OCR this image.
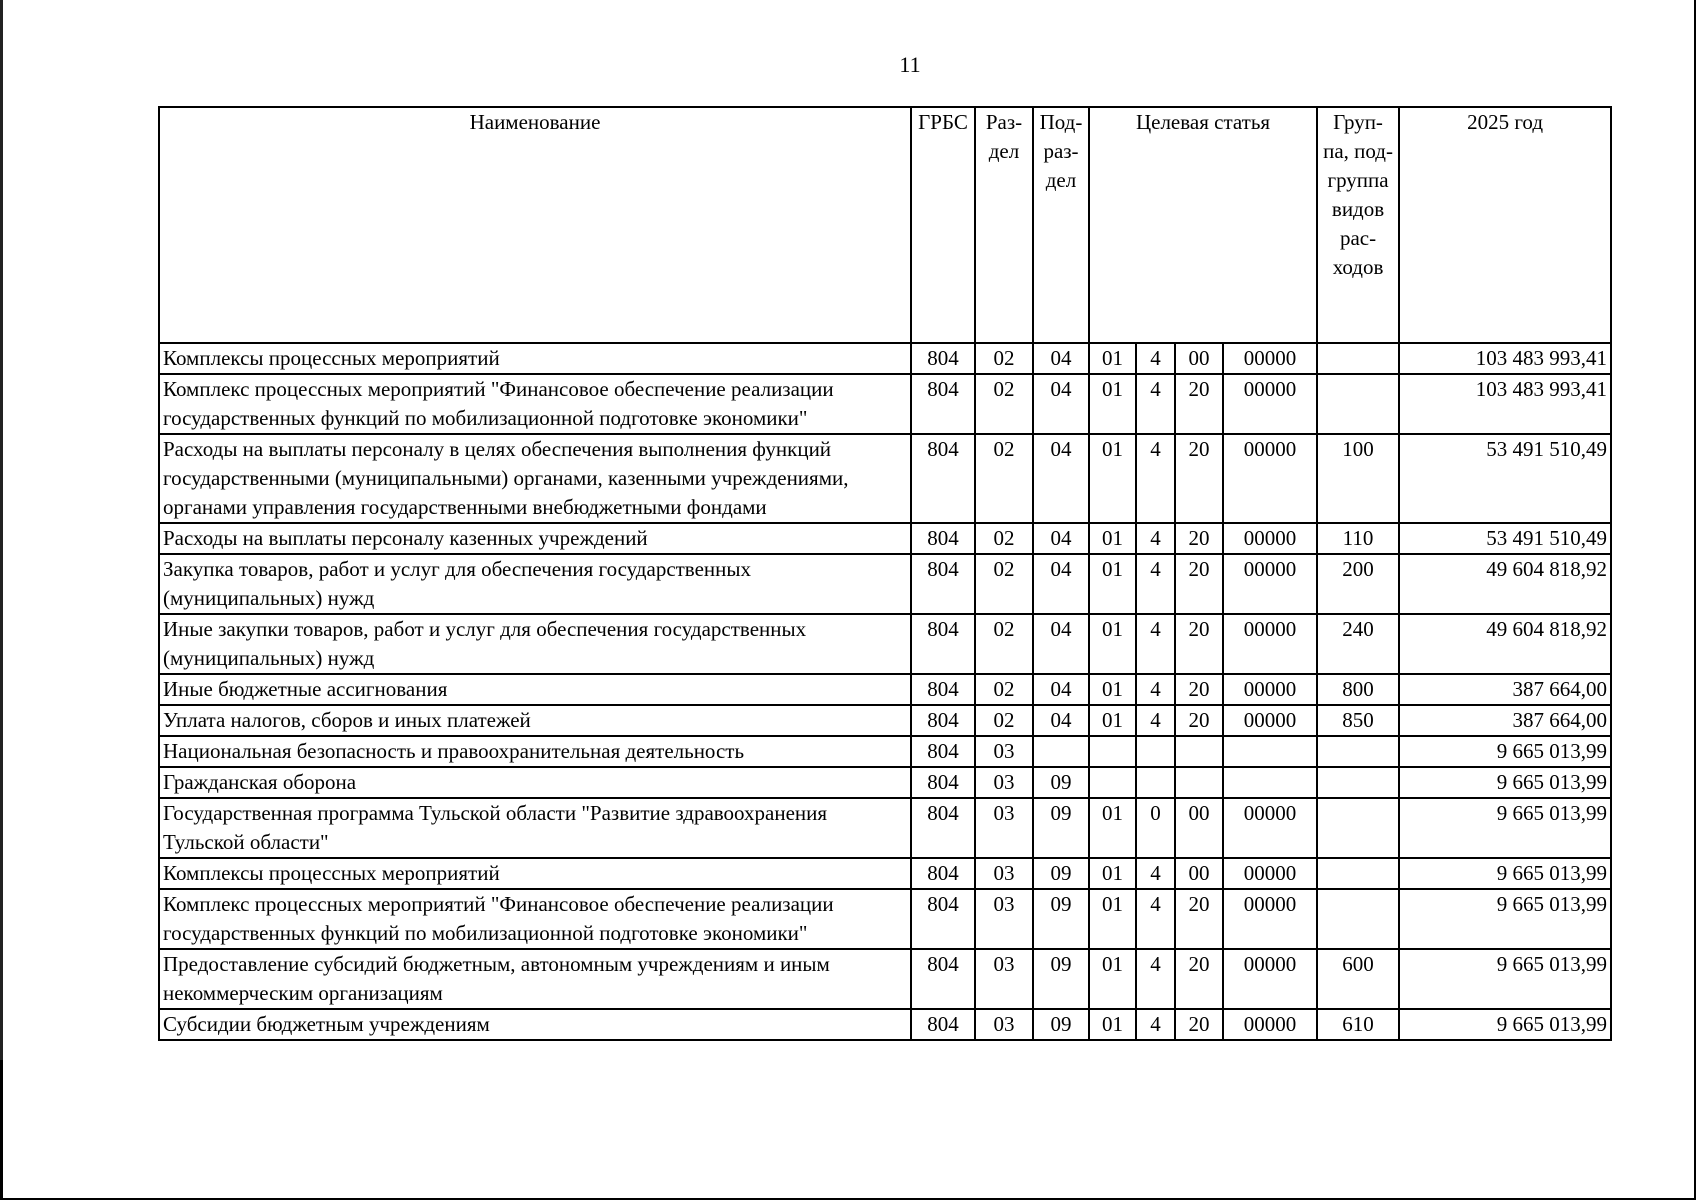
11
Наименование	ГРБС	Раз- дел	Под- раз- дел	Целевая статья				Груп- па, под- группа видов рас- ходов	2025 год
Комплексы процессных мероприятий	804	02	04	01	4	00	00000		103 483 993,41
Комплекс процессных мероприятий "Финансовое обеспечение реализации государственных функций по мобилизационной подготовке экономики"	804	02	04	01	4	20	00000		103 483 993,41
Расходы на выплаты персоналу в целях обеспечения выполнения функций государственными (муниципальными) органами, казенными учреждениями, органами управления государственными внебюджетными фондами	804	02	04	01	4	20	00000	100	53 491 510,49
Расходы на выплаты персоналу казенных учреждений	804	02	04	01	4	20	00000	110	53 491 510,49
Закупка товаров, работ и услуг для обеспечения государственных (муниципальных) нужд	804	02	04	01	4	20	00000	200	49 604 818,92
Иные закупки товаров, работ и услуг для обеспечения государственных (муниципальных) нужд	804	02	04	01	4	20	00000	240	49 604 818,92
Иные бюджетные ассигнования	804	02	04	01	4	20	00000	800	387 664,00
Уплата налогов, сборов и иных платежей	804	02	04	01	4	20	00000	850	387 664,00
Национальная безопасность и правоохранительная деятельность	804	03							9 665 013,99
Гражданская оборона	804	03	09						9 665 013,99
Государственная программа Тульской области "Развитие здравоохранения Тульской области"	804	03	09	01	0	00	00000		9 665 013,99
Комплексы процессных мероприятий	804	03	09	01	4	00	00000		9 665 013,99
Комплекс процессных мероприятий "Финансовое обеспечение реализации государственных функций по мобилизационной подготовке экономики"	804	03	09	01	4	20	00000		9 665 013,99
Предоставление субсидий бюджетным, автономным учреждениям и иным некоммерческим организациям	804	03	09	01	4	20	00000	600	9 665 013,99
Субсидии бюджетным учреждениям	804	03	09	01	4	20	00000	610	9 665 013,99
